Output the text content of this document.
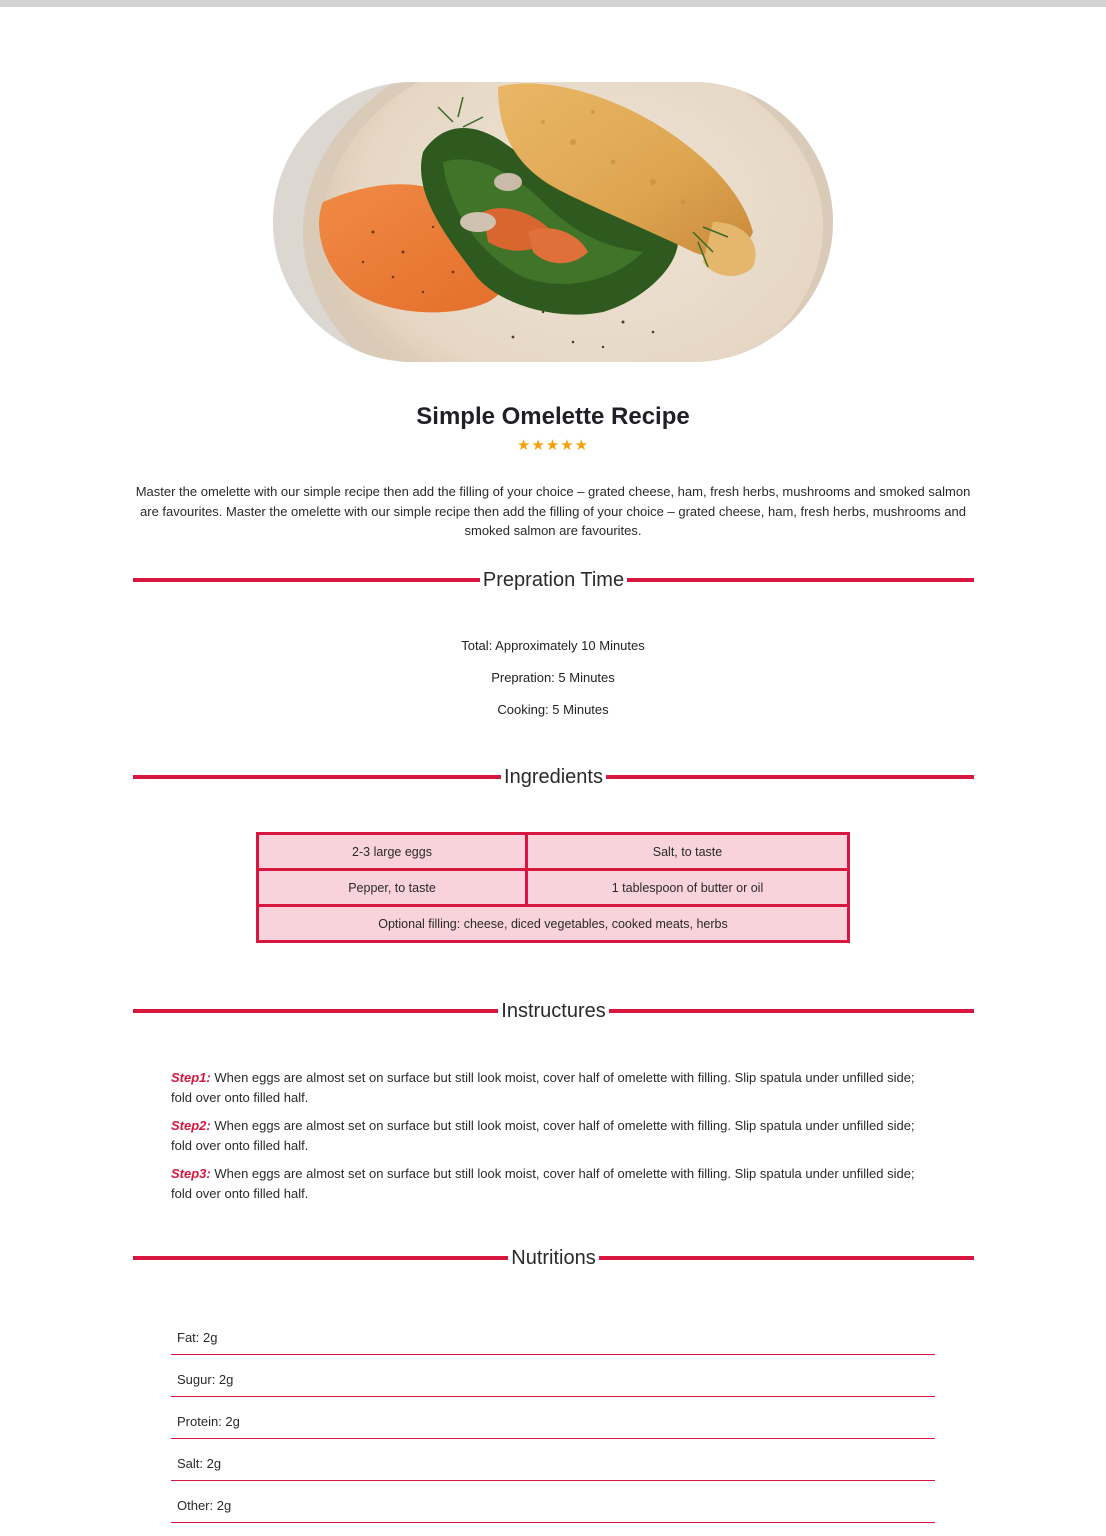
Simple Omelette Recipe
★★★★★

Master the omelette with our simple recipe then add the filling of your choice – grated cheese, ham, fresh herbs, mushrooms and smoked salmon are favourites. Master the omelette with our simple recipe then add the filling of your choice – grated cheese, ham, fresh herbs, mushrooms and smoked salmon are favourites.

Prepration Time
Total: Approximately 10 Minutes
Prepration: 5 Minutes
Cooking: 5 Minutes
Ingredients
2-3 large eggs	Salt, to taste
Pepper, to taste	1 tablespoon of butter or oil
Optional filling: cheese, diced vegetables, cooked meats, herbs	
Instructures

Step1: When eggs are almost set on surface but still look moist, cover half of omelette with filling. Slip spatula under unfilled side; fold over onto filled half.

Step2: When eggs are almost set on surface but still look moist, cover half of omelette with filling. Slip spatula under unfilled side; fold over onto filled half.

Step3: When eggs are almost set on surface but still look moist, cover half of omelette with filling. Slip spatula under unfilled side; fold over onto filled half.

Nutritions
Fat: 2g
Sugur: 2g
Protein: 2g
Salt: 2g
Other: 2g
